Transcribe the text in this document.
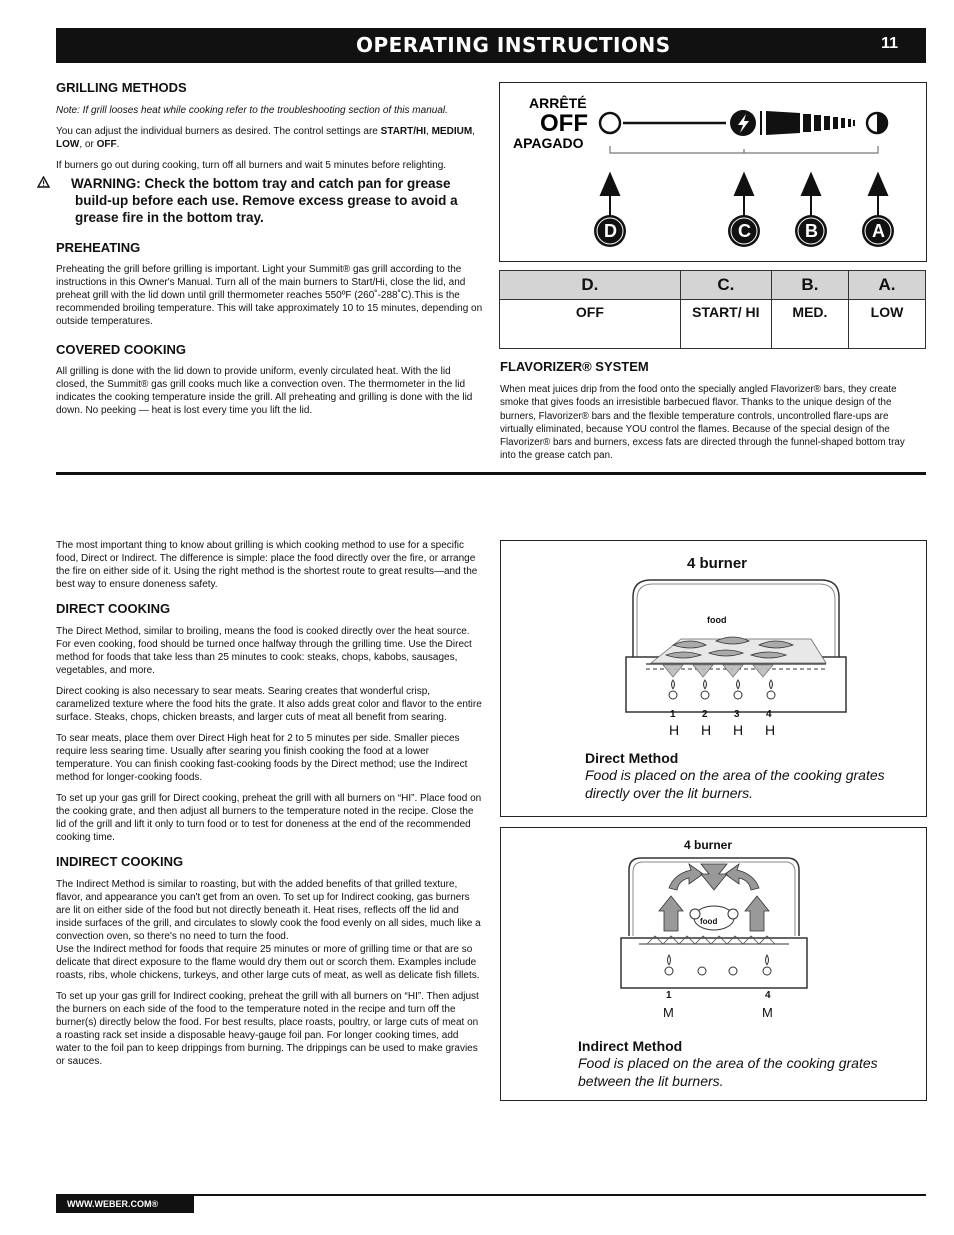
OPERATING INSTRUCTIONS	11
GRILLING METHODS

Note: If grill looses heat while cooking refer to the troubleshooting section of this manual.

You can adjust the individual burners as desired. The control settings are START/HI, MEDIUM, LOW, or OFF.

If burners go out during cooking, turn off all burners and wait 5 minutes before relighting.

WARNING: Check the bottom tray and catch pan for grease build-up before each use. Remove excess grease to avoid a grease fire in the bottom tray.
PREHEATING

Preheating the grill before grilling is important. Light your Summit® gas grill according to the instructions in this Owner's Manual. Turn all of the main burners to Start/Hi, close the lid, and preheat grill with the lid down until grill thermometer reaches 550ºF (260˚-288˚C).This is the recommended broiling temperature. This will take approximately 10 to 15 minutes, depending on outside temperatures.

COVERED COOKING

All grilling is done with the lid down to provide uniform, evenly circulated heat. With the lid closed, the Summit® gas grill cooks much like a convection oven. The thermometer in the lid indicates the cooking temperature inside the grill. All preheating and grilling is done with the lid down. No peeking — heat is lost every time you lift the lid.

ARRÊTÉ
OFF
APAGADO
D	C	B	A
D.	C.	B.	A.
OFF	START/ HI	MED.	LOW
FLAVORIZER® SYSTEM

When meat juices drip from the food onto the specially angled Flavorizer® bars, they create smoke that gives foods an irresistible barbecued flavor. Thanks to the unique design of the burners, Flavorizer® bars and the flexible temperature controls, uncontrolled flare-ups are virtually eliminated, because YOU control the flames. Because of the special design of the Flavorizer® bars and burners, excess fats are directed through the funnel-shaped bottom tray into the grease catch pan.

The most important thing to know about grilling is which cooking method to use for a specific food, Direct or Indirect. The difference is simple: place the food directly over the fire, or arrange the fire on either side of it. Using the right method is the shortest route to great results—and the best way to ensure doneness safety.

DIRECT COOKING

The Direct Method, similar to broiling, means the food is cooked directly over the heat source. For even cooking, food should be turned once halfway through the grilling time. Use the Direct method for foods that take less than 25 minutes to cook: steaks, chops, kabobs, sausages, vegetables, and more.

Direct cooking is also necessary to sear meats. Searing creates that wonderful crisp, caramelized texture where the food hits the grate. It also adds great color and flavor to the entire surface. Steaks, chops, chicken breasts, and larger cuts of meat all benefit from searing.

To sear meats, place them over Direct High heat for 2 to 5 minutes per side. Smaller pieces require less searing time. Usually after searing you finish cooking the food at a lower temperature. You can finish cooking fast-cooking foods by the Direct method; use the Indirect method for longer-cooking foods.

To set up your gas grill for Direct cooking, preheat the grill with all burners on “HI”. Place food on the cooking grate, and then adjust all burners to the temperature noted in the recipe. Close the lid of the grill and lift it only to turn food or to test for doneness at the end of the recommended cooking time.

INDIRECT COOKING

The Indirect Method is similar to roasting, but with the added benefits of that grilled texture, flavor, and appearance you can't get from an oven. To set up for Indirect cooking, gas burners are lit on either side of the food but not directly beneath it. Heat rises, reflects off the lid and inside surfaces of the grill, and circulates to slowly cook the food evenly on all sides, much like a convection oven, so there's no need to turn the food.

Use the Indirect method for foods that require 25 minutes or more of grilling time or that are so delicate that direct exposure to the flame would dry them out or scorch them. Examples include roasts, ribs, whole chickens, turkeys, and other large cuts of meat, as well as delicate fish fillets.

To set up your gas grill for Indirect cooking, preheat the grill with all burners on “HI”. Then adjust the burners on each side of the food to the temperature noted in the recipe and turn off the burner(s) directly below the food. For best results, place roasts, poultry, or large cuts of meat on a roasting rack set inside a disposable heavy-gauge foil pan. For longer cooking times, add water to the foil pan to keep drippings from burning. The drippings can be used to make gravies or sauces.

4 burner
food
1	2	3	4
H H H H
Direct Method
Food is placed on the area of the cooking grates directly over the lit burners.
4 burner
food
1	4
M	M
Indirect Method
Food is placed on the area of the cooking grates between the lit burners.
WWW.WEBER.COM®
